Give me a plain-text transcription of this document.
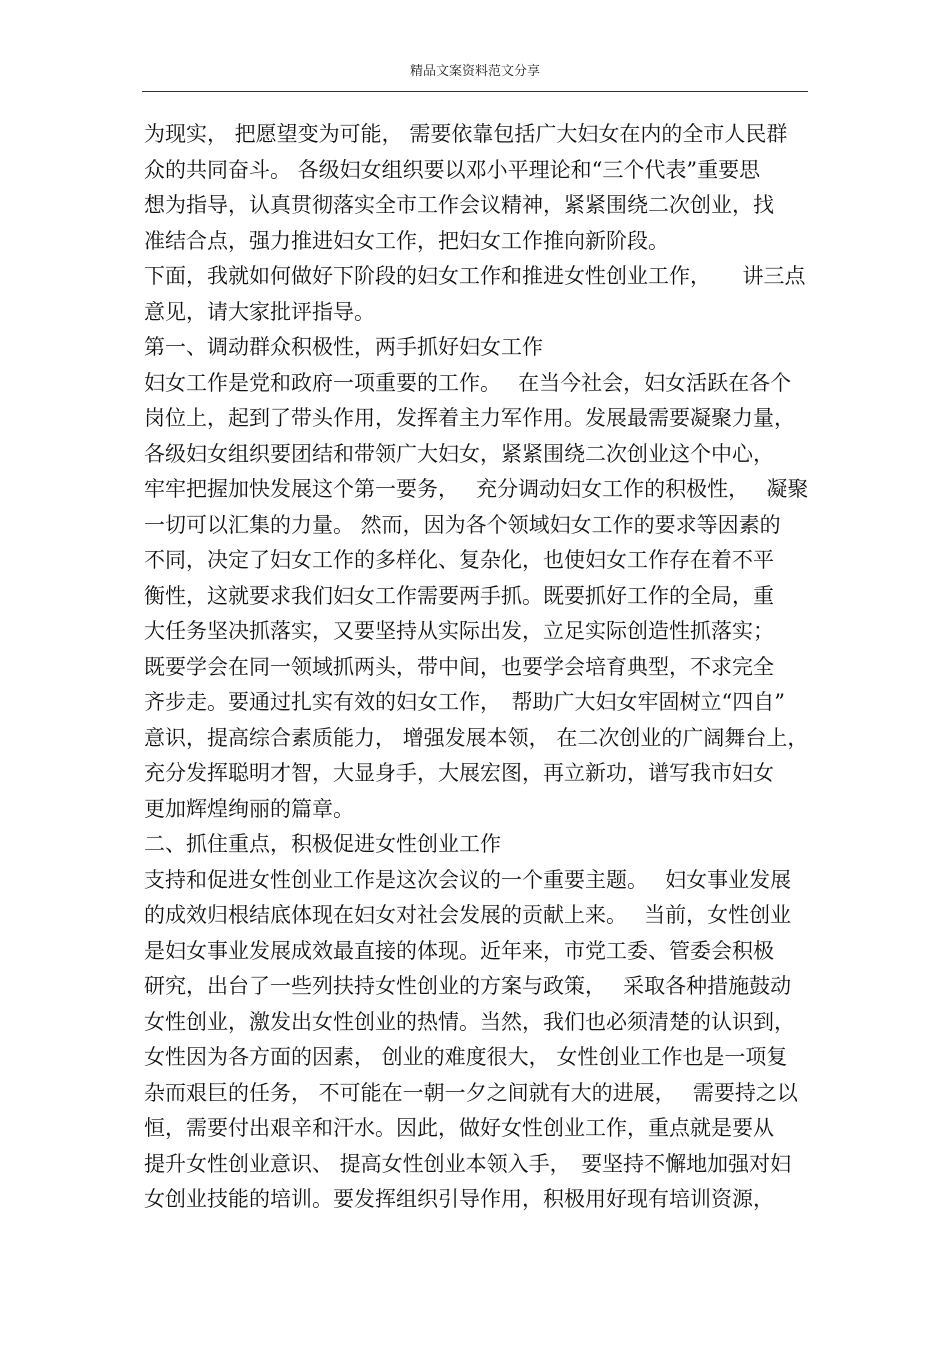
精品文案资料范文分享
为现实， 把愿望变为可能， 需要依靠包括广大妇女在内的全市人民群
众的共同奋斗。 各级妇女组织要以邓小平理论和“三个代表”重要思
想为指导，认真贯彻落实全市工作会议精神，紧紧围绕二次创业，找
准结合点，强力推进妇女工作，把妇女工作推向新阶段。
下面，我就如何做好下阶段的妇女工作和推进女性创业工作，　　讲三点
意见，请大家批评指导。
第一、调动群众积极性，两手抓好妇女工作
妇女工作是党和政府一项重要的工作。　 在当今社会，妇女活跃在各个
岗位上，起到了带头作用，发挥着主力军作用。发展最需要凝聚力量，
各级妇女组织要团结和带领广大妇女，紧紧围绕二次创业这个中心，
牢牢把握加快发展这个第一要务，　 充分调动妇女工作的积极性，　 凝聚
一切可以汇集的力量。 然而，因为各个领域妇女工作的要求等因素的
不同，决定了妇女工作的多样化、复杂化，也使妇女工作存在着不平
衡性，这就要求我们妇女工作需要两手抓。既要抓好工作的全局，重
大任务坚决抓落实，又要坚持从实际出发，立足实际创造性抓落实；
既要学会在同一领域抓两头，带中间，也要学会培育典型，不求完全
齐步走。要通过扎实有效的妇女工作，　帮助广大妇女牢固树立“四自”
意识，提高综合素质能力， 增强发展本领， 在二次创业的广阔舞台上，
充分发挥聪明才智，大显身手，大展宏图，再立新功，谱写我市妇女
更加辉煌绚丽的篇章。
二、抓住重点，积极促进女性创业工作
支持和促进女性创业工作是这次会议的一个重要主题。　 妇女事业发展
的成效归根结底体现在妇女对社会发展的贡献上来。　 当前，女性创业
是妇女事业发展成效最直接的体现。近年来，市党工委、管委会积极
研究，出台了一些列扶持女性创业的方案与政策，　 采取各种措施鼓动
女性创业，激发出女性创业的热情。当然，我们也必须清楚的认识到，
女性因为各方面的因素， 创业的难度很大， 女性创业工作也是一项复
杂而艰巨的任务， 不可能在一朝一夕之间就有大的进展，　 需要持之以
恒，需要付出艰辛和汗水。因此，做好女性创业工作，重点就是要从
提升女性创业意识、 提高女性创业本领入手，　要坚持不懈地加强对妇
女创业技能的培训。要发挥组织引导作用，积极用好现有培训资源，
